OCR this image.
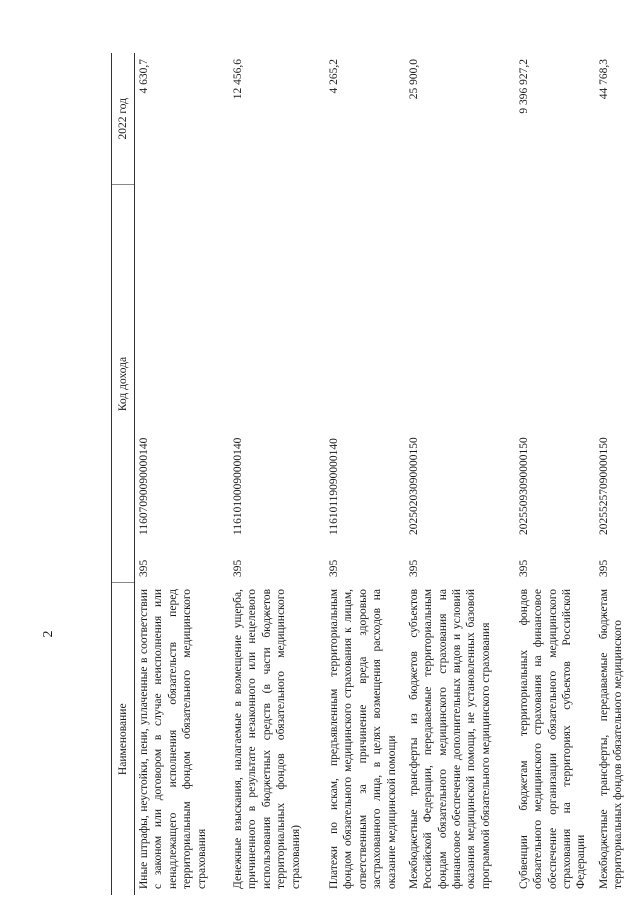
2
Наименование	Код дохода		2022 год
Иные штрафы, неустойки, пени, уплаченные в соответствии с законом или договором в случае неисполнения или ненадлежащего исполнения обязательств перед территориальным фондом обязательного медицинского страхования	395	11607090090000140	4 630,7
Денежные взыскания, налагаемые в возмещение ущерба, причиненного в результате незаконного или нецелевого использования бюджетных средств (в части бюджетов территориальных фондов обязательного медицинского страхования)	395	11610100090000140	12 456,6
Платежи по искам, предъявленным территориальным фондом обязательного медицинского страхования к лицам, ответственным за причинение вреда здоровью застрахованного лица, в целях возмещения расходов на оказание медицинской помощи	395	11610119090000140	4 265,2
Межбюджетные трансферты из бюджетов субъектов Российской Федерации, передаваемые территориальным фондам обязательного медицинского страхования на финансовое обеспечение дополнительных видов и условий оказания медицинской помощи, не установленных базовой программой обязательного медицинского страхования	395	20250203090000150	25 900,0
Субвенции бюджетам территориальных фондов обязательного медицинского страхования на финансовое обеспечение организации обязательного медицинского страхования на территориях субъектов Российской Федерации	395	20255093090000150	9 396 927,2
Межбюджетные трансферты, передаваемые бюджетам территориальных фондов обязательного медицинского	395	20255257090000150	44 768,3
